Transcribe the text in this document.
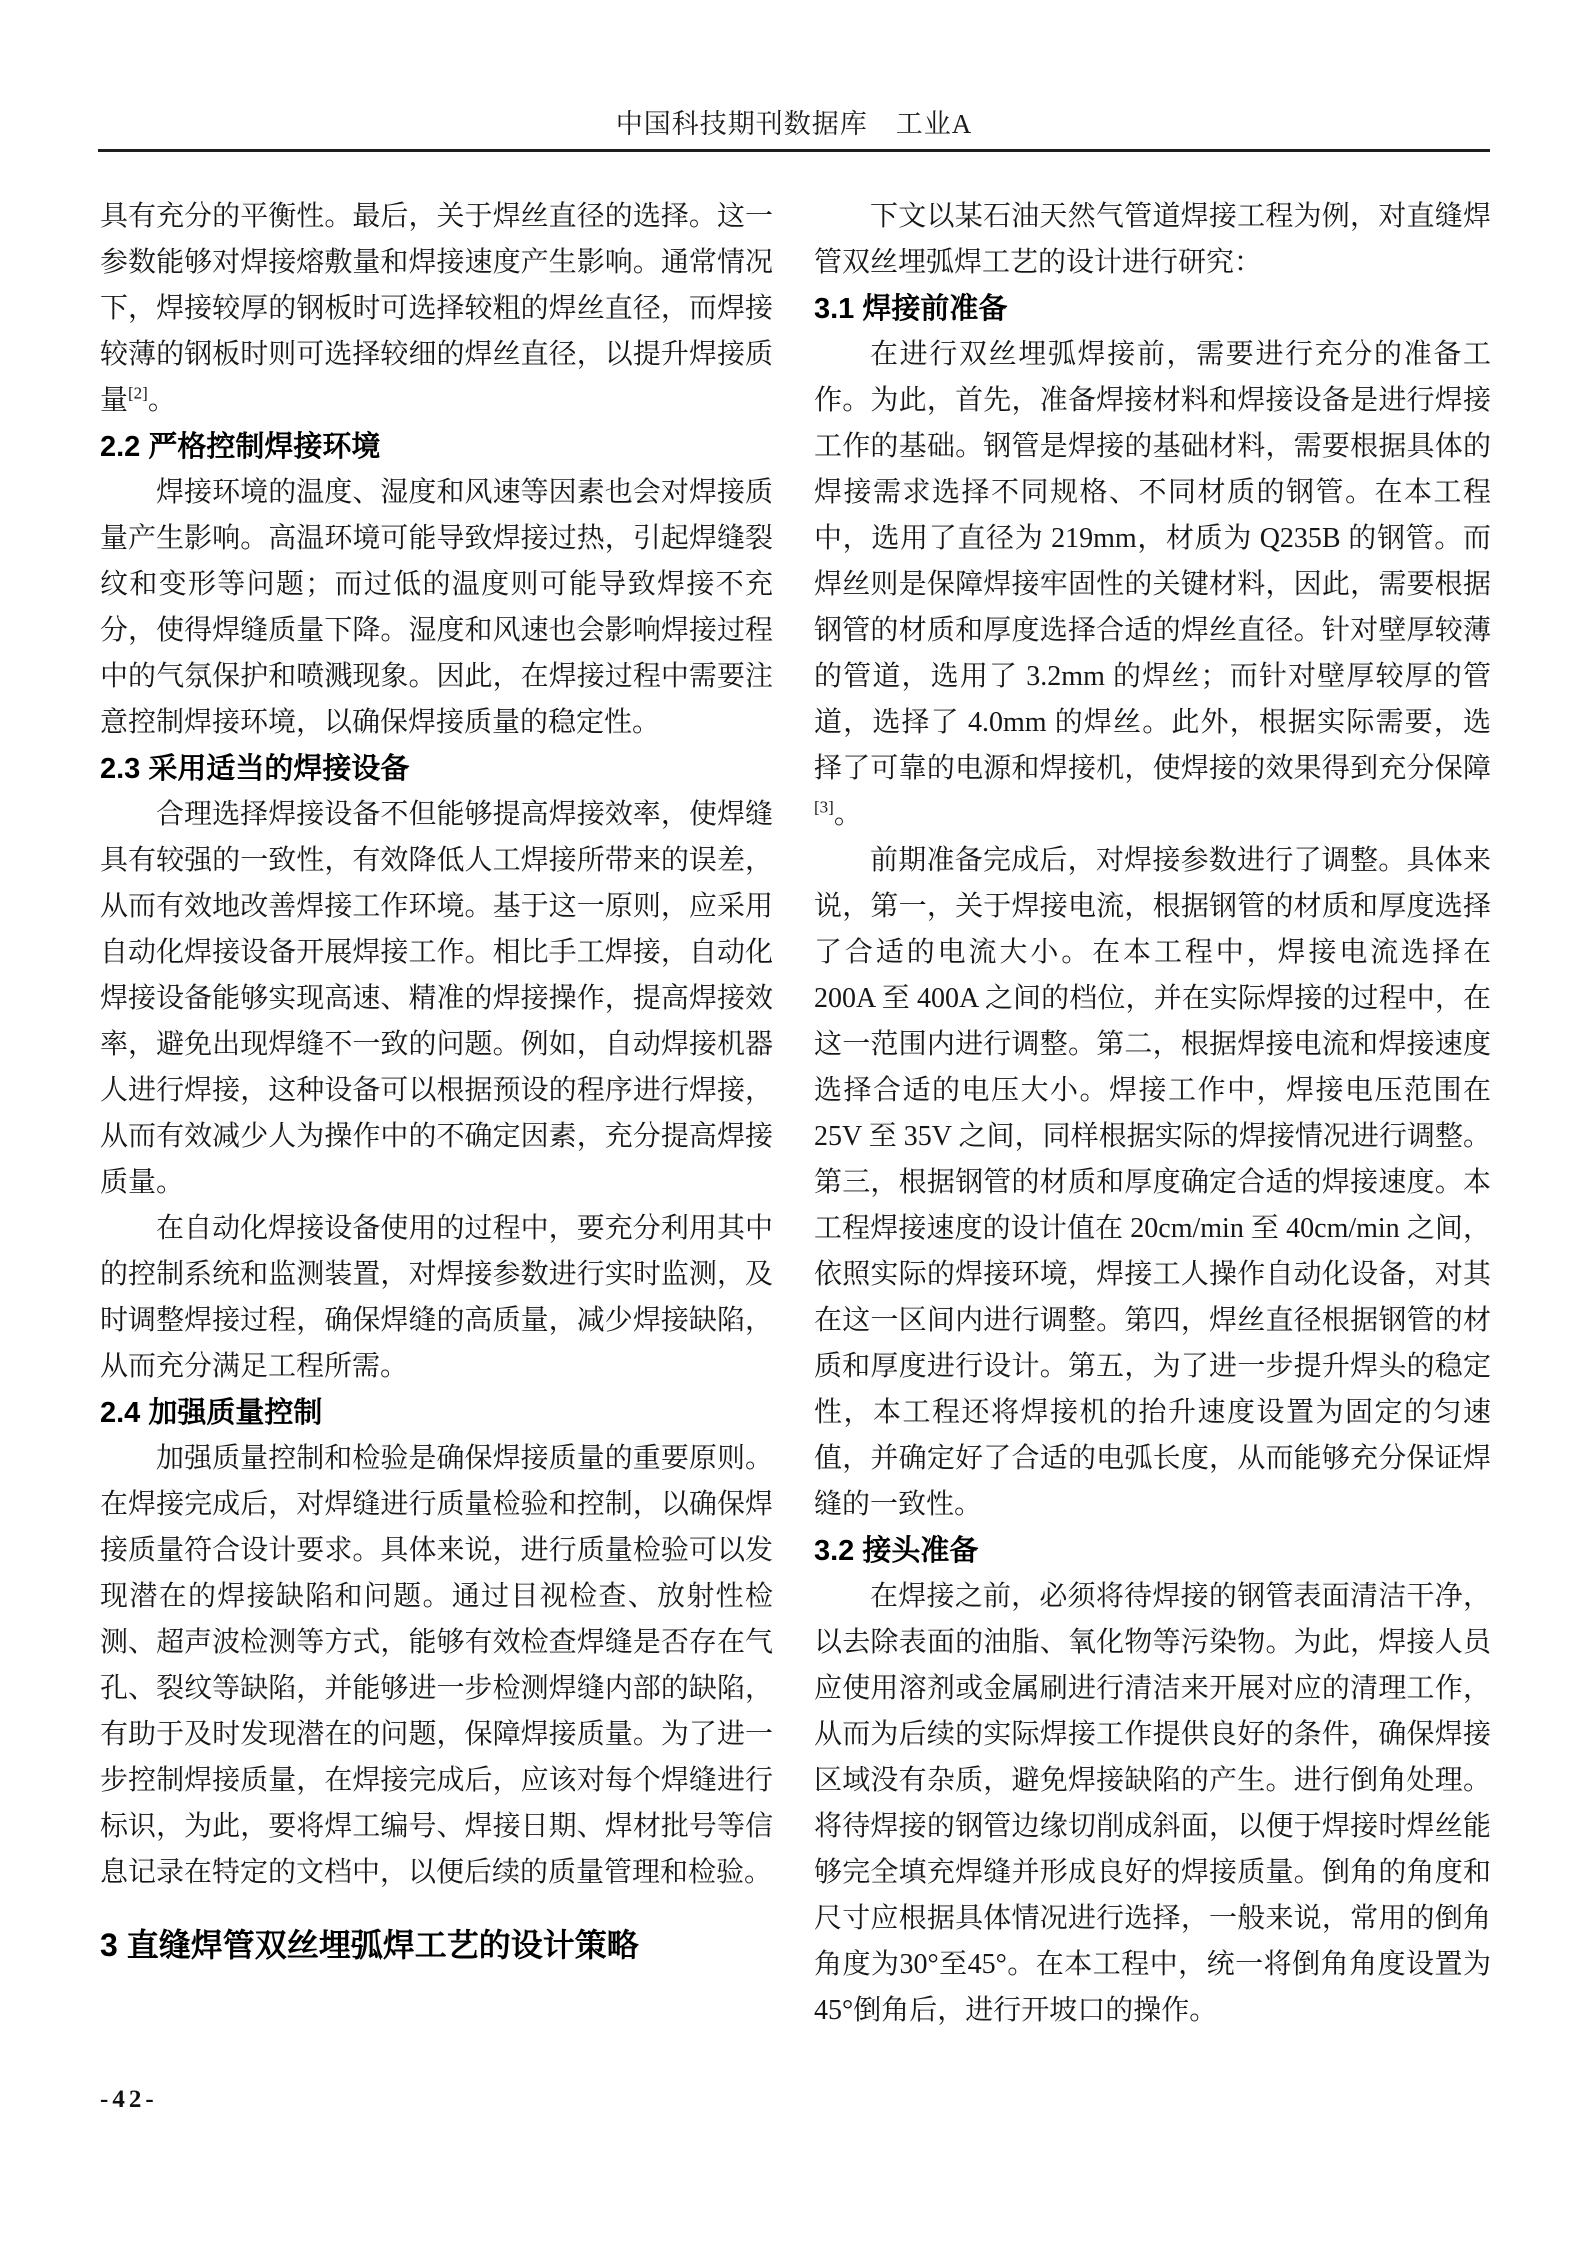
中国科技期刊数据库　工业A

具有充分的平衡性。最后，关于焊丝直径的选择。这一参数能够对焊接熔敷量和焊接速度产生影响。通常情况下，焊接较厚的钢板时可选择较粗的焊丝直径，而焊接较薄的钢板时则可选择较细的焊丝直径，以提升焊接质量[2]。

2.2 严格控制焊接环境

焊接环境的温度、湿度和风速等因素也会对焊接质量产生影响。高温环境可能导致焊接过热，引起焊缝裂纹和变形等问题；而过低的温度则可能导致焊接不充分，使得焊缝质量下降。湿度和风速也会影响焊接过程中的气氛保护和喷溅现象。因此，在焊接过程中需要注意控制焊接环境，以确保焊接质量的稳定性。

2.3 采用适当的焊接设备

合理选择焊接设备不但能够提高焊接效率，使焊缝具有较强的一致性，有效降低人工焊接所带来的误差，从而有效地改善焊接工作环境。基于这一原则，应采用自动化焊接设备开展焊接工作。相比手工焊接，自动化焊接设备能够实现高速、精准的焊接操作，提高焊接效率，避免出现焊缝不一致的问题。例如，自动焊接机器人进行焊接，这种设备可以根据预设的程序进行焊接，从而有效减少人为操作中的不确定因素，充分提高焊接质量。

在自动化焊接设备使用的过程中，要充分利用其中的控制系统和监测装置，对焊接参数进行实时监测，及时调整焊接过程，确保焊缝的高质量，减少焊接缺陷，从而充分满足工程所需。

2.4 加强质量控制

加强质量控制和检验是确保焊接质量的重要原则。在焊接完成后，对焊缝进行质量检验和控制，以确保焊接质量符合设计要求。具体来说，进行质量检验可以发现潜在的焊接缺陷和问题。通过目视检查、放射性检测、超声波检测等方式，能够有效检查焊缝是否存在气孔、裂纹等缺陷，并能够进一步检测焊缝内部的缺陷，有助于及时发现潜在的问题，保障焊接质量。为了进一步控制焊接质量，在焊接完成后，应该对每个焊缝进行标识，为此，要将焊工编号、焊接日期、焊材批号等信息记录在特定的文档中，以便后续的质量管理和检验。

3 直缝焊管双丝埋弧焊工艺的设计策略

下文以某石油天然气管道焊接工程为例，对直缝焊管双丝埋弧焊工艺的设计进行研究：

3.1 焊接前准备

在进行双丝埋弧焊接前，需要进行充分的准备工作。为此，首先，准备焊接材料和焊接设备是进行焊接工作的基础。钢管是焊接的基础材料，需要根据具体的焊接需求选择不同规格、不同材质的钢管。在本工程中，选用了直径为 219mm，材质为 Q235B 的钢管。而焊丝则是保障焊接牢固性的关键材料，因此，需要根据钢管的材质和厚度选择合适的焊丝直径。针对壁厚较薄的管道，选用了 3.2mm 的焊丝；而针对壁厚较厚的管道，选择了 4.0mm 的焊丝。此外，根据实际需要，选择了可靠的电源和焊接机，使焊接的效果得到充分保障[3]。

前期准备完成后，对焊接参数进行了调整。具体来说，第一，关于焊接电流，根据钢管的材质和厚度选择了合适的电流大小。在本工程中，焊接电流选择在 200A 至 400A 之间的档位，并在实际焊接的过程中，在这一范围内进行调整。第二，根据焊接电流和焊接速度选择合适的电压大小。焊接工作中，焊接电压范围在 25V 至 35V 之间，同样根据实际的焊接情况进行调整。第三，根据钢管的材质和厚度确定合适的焊接速度。本工程焊接速度的设计值在 20cm/min 至 40cm/min 之间，依照实际的焊接环境，焊接工人操作自动化设备，对其在这一区间内进行调整。第四，焊丝直径根据钢管的材质和厚度进行设计。第五，为了进一步提升焊头的稳定性，本工程还将焊接机的抬升速度设置为固定的匀速值，并确定好了合适的电弧长度，从而能够充分保证焊缝的一致性。

3.2 接头准备

在焊接之前，必须将待焊接的钢管表面清洁干净，以去除表面的油脂、氧化物等污染物。为此，焊接人员应使用溶剂或金属刷进行清洁来开展对应的清理工作，从而为后续的实际焊接工作提供良好的条件，确保焊接区域没有杂质，避免焊接缺陷的产生。进行倒角处理。将待焊接的钢管边缘切削成斜面，以便于焊接时焊丝能够完全填充焊缝并形成良好的焊接质量。倒角的角度和尺寸应根据具体情况进行选择，一般来说，常用的倒角角度为30°至45°。在本工程中，统一将倒角角度设置为45°倒角后，进行开坡口的操作。

-42-
